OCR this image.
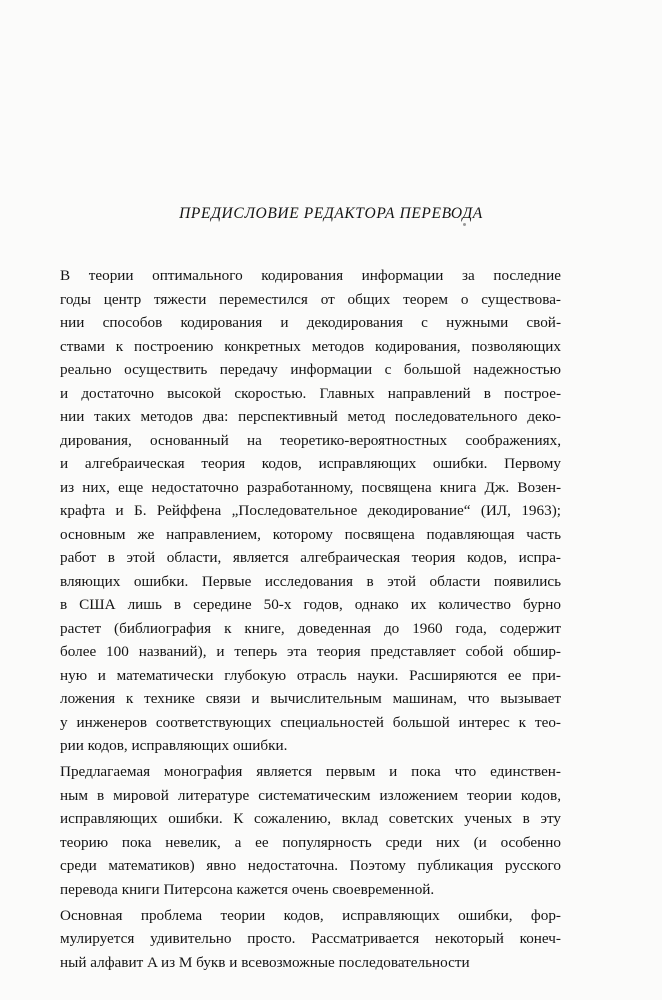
ПРЕДИСЛОВИЕ РЕДАКТОРА ПЕРЕВОДА
В теории оптимального кодирования информации за последние
годы центр тяжести переместился от общих теорем о существова-
нии способов кодирования и декодирования с нужными свой-
ствами к построению конкретных методов кодирования, позволяющих
реально осуществить передачу информации с большой надежностью
и достаточно высокой скоростью. Главных направлений в построе-
нии таких методов два: перспективный метод последовательного деко-
дирования, основанный на теоретико-вероятностных соображениях,
и алгебраическая теория кодов, исправляющих ошибки. Первому
из них, еще недостаточно разработанному, посвящена книга Дж. Возен-
крафта и Б. Рейффена „Последовательное декодирование“ (ИЛ, 1963);
основным же направлением, которому посвящена подавляющая часть
работ в этой области, является алгебраическая теория кодов, испра-
вляющих ошибки. Первые исследования в этой области появились
в США лишь в середине 50-х годов, однако их количество бурно
растет (библиография к книге, доведенная до 1960 года, содержит
более 100 названий), и теперь эта теория представляет собой обшир-
ную и математически глубокую отрасль науки. Расширяются ее при-
ложения к технике связи и вычислительным машинам, что вызывает
у инженеров соответствующих специальностей большой интерес к тео-
рии кодов, исправляющих ошибки.
Предлагаемая монография является первым и пока что единствен-
ным в мировой литературе систематическим изложением теории кодов,
исправляющих ошибки. К сожалению, вклад советских ученых в эту
теорию пока невелик, а ее популярность среди них (и особенно
среди математиков) явно недостаточна. Поэтому публикация русского
перевода книги Питерсона кажется очень своевременной.
Основная проблема теории кодов, исправляющих ошибки, фор-
мулируется удивительно просто. Рассматривается некоторый конеч-
ный алфавит A из M букв и всевозможные последовательности
